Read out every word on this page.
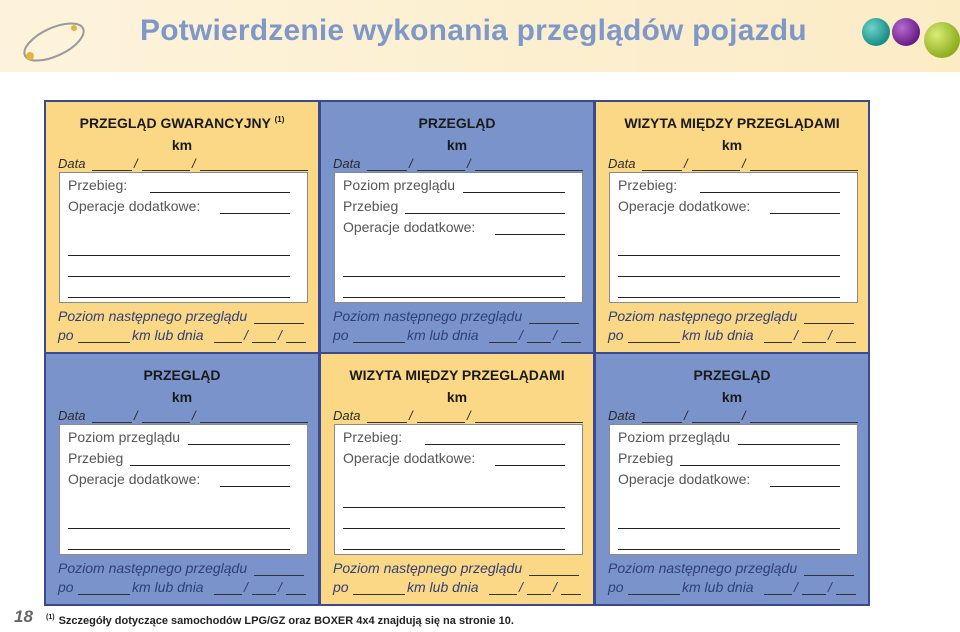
Potwierdzenie wykonania przeglądów pojazdu
PRZEGLĄD GWARANCYJNY $^{(1)}$
km
Data	/	/
Przebieg:
Operacje dodatkowe:
Poziom następnego przeglądu
po	km lub dnia	/ /
PRZEGLĄD
km
Data	/	/
Poziom przeglądu
Przebieg
Operacje dodatkowe:
Poziom następnego przeglądu
po	km lub dnia	/ /
WIZYTA MIĘDZY PRZEGLĄDAMI
km
Data	/	/
Przebieg:
Operacje dodatkowe:
Poziom następnego przeglądu
po	km lub dnia	/ /
PRZEGLĄD
km
Data	/	/
Poziom przeglądu
Przebieg
Operacje dodatkowe:
Poziom następnego przeglądu
po	km lub dnia	/ /
WIZYTA MIĘDZY PRZEGLĄDAMI
km
Data	/	/
Przebieg:
Operacje dodatkowe:
Poziom następnego przeglądu
po	km lub dnia	/ /
PRZEGLĄD
km
Data	/	/
Poziom przeglądu
Przebieg
Operacje dodatkowe:
Poziom następnego przeglądu
po	km lub dnia	/ /
18 $^{(1)}$ Szczegóły dotyczące samochodów LPG/GZ oraz BOXER 4x4 znajdują się na stronie 10.
